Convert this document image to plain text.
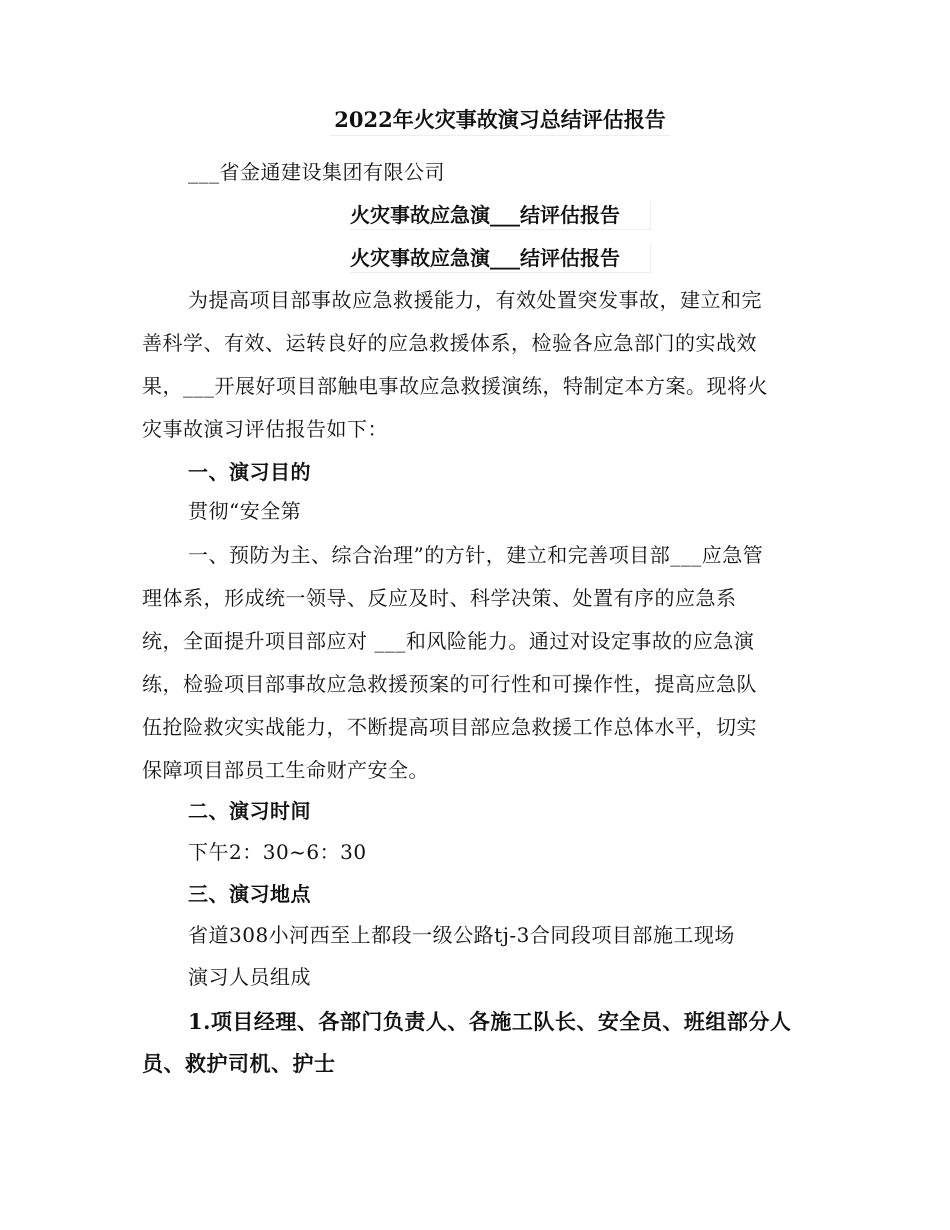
2022年火灾事故演习总结评估报告
___省金通建设集团有限公司
火灾事故应急演___结评估报告
火灾事故应急演___结评估报告
为提高项目部事故应急救援能力，有效处置突发事故，建立和完
善科学、有效、运转良好的应急救援体系，检验各应急部门的实战效
果，___开展好项目部触电事故应急救援演练，特制定本方案。现将火
灾事故演习评估报告如下：
一、演习目的
贯彻“安全第
一、预防为主、综合治理”的方针，建立和完善项目部___应急管
理体系，形成统一领导、反应及时、科学决策、处置有序的应急系
统，全面提升项目部应对 ___和风险能力。通过对设定事故的应急演
练，检验项目部事故应急救援预案的可行性和可操作性，提高应急队
伍抢险救灾实战能力，不断提高项目部应急救援工作总体水平，切实
保障项目部员工生命财产安全。
二、演习时间
下午2：30~6：30
三、演习地点
省道308小河西至上都段一级公路tj-3合同段项目部施工现场
演习人员组成
1.项目经理、各部门负责人、各施工队长、安全员、班组部分人
员、救护司机、护士
